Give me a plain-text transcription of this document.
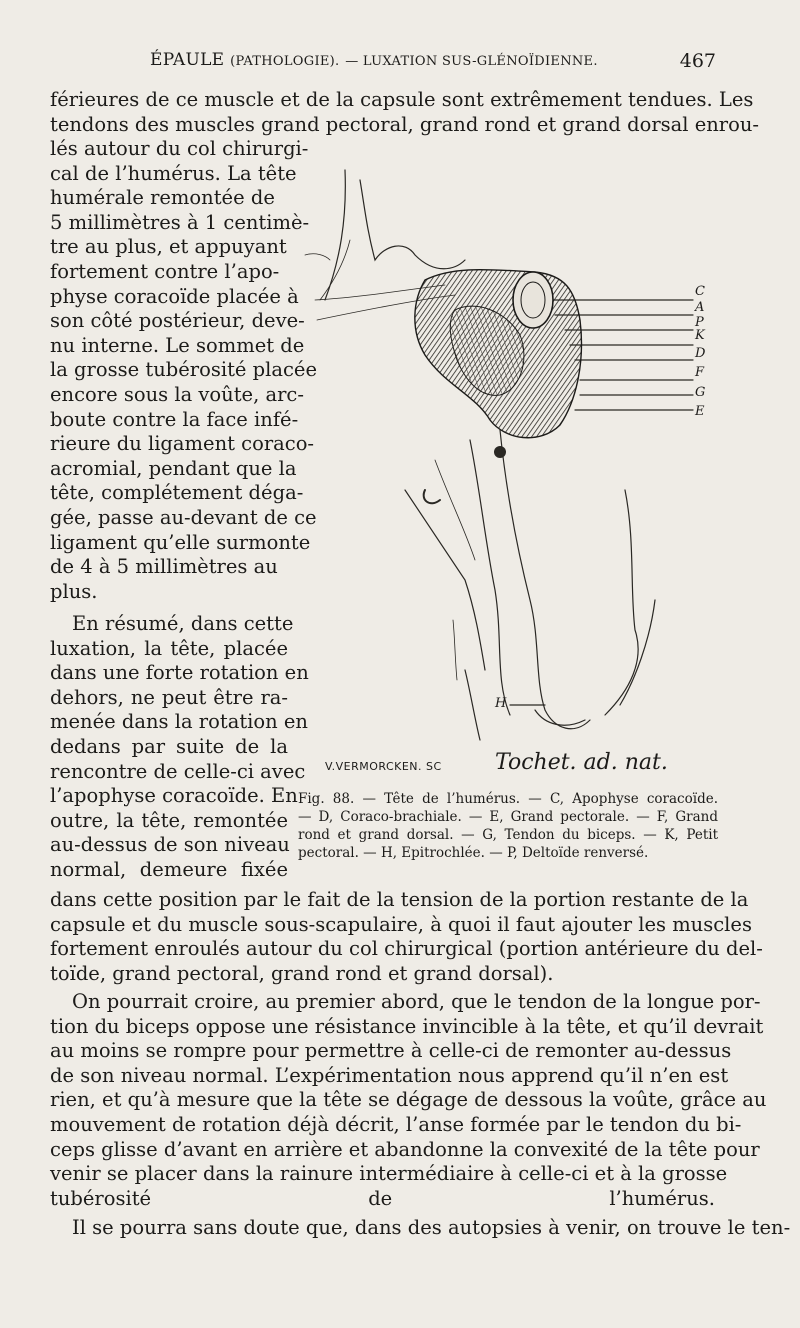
ÉPAULE (PATHOLOGIE). — LUXATION SUS-GLÉNOÏDIENNE.	467
férieures de ce muscle et de la capsule sont extrêmement tendues. Les
tendons des muscles grand pectoral, grand rond et grand dorsal enrou-
lés autour du col chirurgi-
cal de l’humérus. La tête
humérale remontée de
5 millimètres à 1 centimè-
tre au plus, et appuyant
fortement contre l’apo-
physe coracoïde placée à
son côté postérieur, deve-
nu interne. Le sommet de
la grosse tubérosité placée
encore sous la voûte, arc-
boute contre la face infé-
rieure du ligament coraco-
acromial, pendant que la
tête, complétement déga-
gée, passe au-devant de ce
ligament qu’elle surmonte
de 4 à 5 millimètres au
plus.
En résumé, dans cette
luxation, la tête, placée
dans une forte rotation en
dehors, ne peut être ra-
menée dans la rotation en
dedans par suite de la
rencontre de celle-ci avec
l’apophyse coracoïde. En
outre, la tête, remontée
au-dessus de son niveau
normal, demeure fixée
C
A
P
K
D
F
G
E
H
V.VERMORCKEN. SC Tochet. ad. nat.
Fig. 88. — Tête de l’humérus. — C, Apophyse coracoïde.
— D, Coraco-brachiale. — E, Grand pectorale. — F, Grand
rond et grand dorsal. — G, Tendon du biceps. — K, Petit
pectoral. — H, Epitrochlée. — P, Deltoïde renversé.
dans cette position par le fait de la tension de la portion restante de la
capsule et du muscle sous-scapulaire, à quoi il faut ajouter les muscles
fortement enroulés autour du col chirurgical (portion antérieure du del-
toïde, grand pectoral, grand rond et grand dorsal).
On pourrait croire, au premier abord, que le tendon de la longue por-
tion du biceps oppose une résistance invincible à la tête, et qu’il devrait
au moins se rompre pour permettre à celle-ci de remonter au-dessus
de son niveau normal. L’expérimentation nous apprend qu’il n’en est
rien, et qu’à mesure que la tête se dégage de dessous la voûte, grâce au
mouvement de rotation déjà décrit, l’anse formée par le tendon du bi-
ceps glisse d’avant en arrière et abandonne la convexité de la tête pour
venir se placer dans la rainure intermédiaire à celle-ci et à la grosse
tubérosité de l’humérus.
Il se pourra sans doute que, dans des autopsies à venir, on trouve le ten-
